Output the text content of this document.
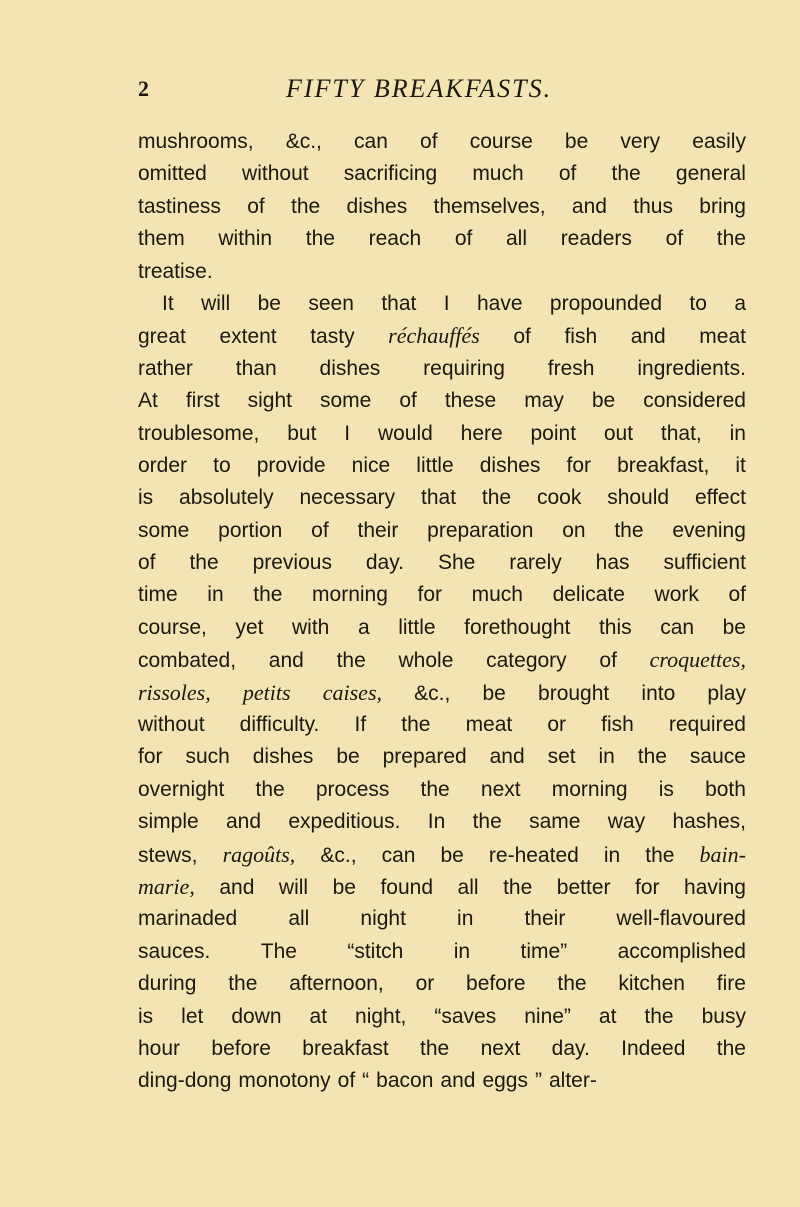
2	FIFTY BREAKFASTS.
mushrooms, &c., can of course be very easily
omitted without sacrificing much of the general
tastiness of the dishes themselves, and thus bring
them within the reach of all readers of the
treatise.
It will be seen that I have propounded to a
great extent tasty réchauffés of fish and meat
rather than dishes requiring fresh ingredients.
At first sight some of these may be considered
troublesome, but I would here point out that, in
order to provide nice little dishes for breakfast, it
is absolutely necessary that the cook should effect
some portion of their preparation on the evening
of the previous day. She rarely has sufficient
time in the morning for much delicate work of
course, yet with a little forethought this can be
combated, and the whole category of croquettes,
rissoles, petits caises, &c., be brought into play
without difficulty. If the meat or fish required
for such dishes be prepared and set in the sauce
overnight the process the next morning is both
simple and expeditious. In the same way hashes,
stews, ragoûts, &c., can be re-heated in the bain-
marie, and will be found all the better for having
marinaded all night in their well-flavoured
sauces. The “stitch in time” accomplished
during the afternoon, or before the kitchen fire
is let down at night, “saves nine” at the busy
hour before breakfast the next day. Indeed the
ding-dong monotony of “ bacon and eggs ” alter-
